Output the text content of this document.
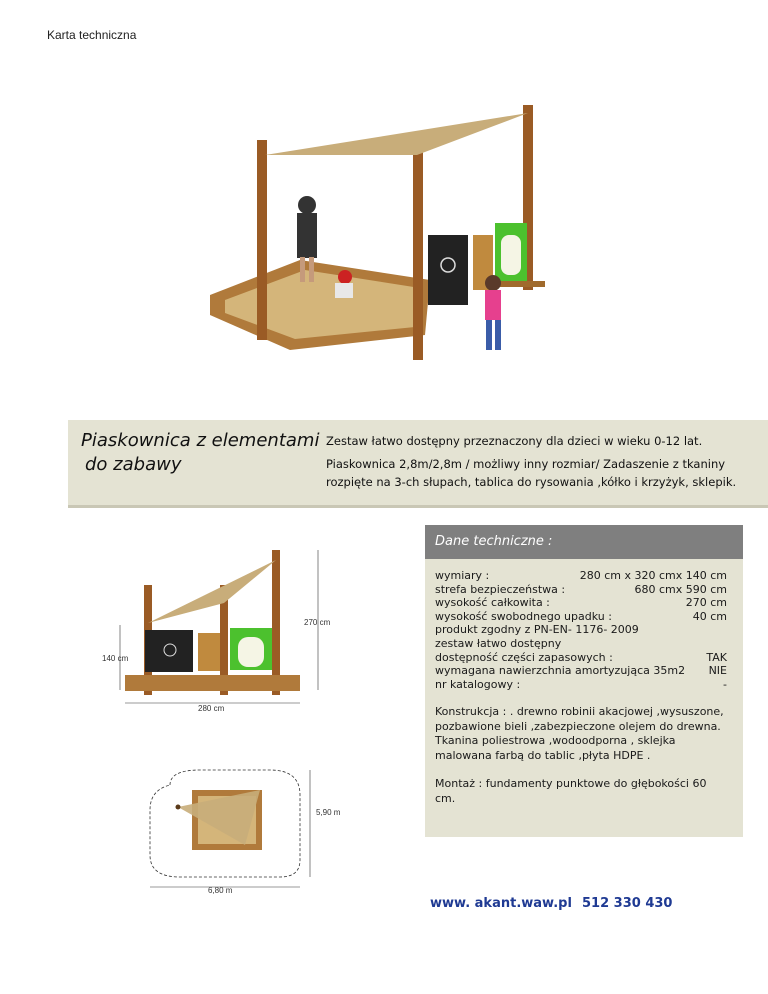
Karta techniczna
Piaskownica z elementami
do zabawy

Zestaw łatwo dostępny przeznaczony dla dzieci w wieku 0-12 lat.

Piaskownica 2,8m/2,8m / możliwy inny rozmiar/ Zadaszenie z tkaniny rozpięte na 3-ch słupach, tablica do rysowania ,kółko i krzyżyk, sklepik.

270 cm
140 cm
280 cm
5,90 m
6,80 m
Dane techniczne :
wymiary :	280 cm x 320 cmx 140 cm
strefa bezpieczeństwa :	680 cmx 590 cm
wysokość całkowita :	270 cm
wysokość swobodnego upadku :	40 cm
produkt zgodny z PN-EN- 1176- 2009
zestaw łatwo dostępny
dostępność części zapasowych :	TAK
wymagana nawierzchnia amortyzująca 35m2 NIE
nr katalogowy :	-
Konstrukcja : . drewno robinii akacjowej ,wysuszone, pozbawione bieli ,zabezpieczone olejem do drewna. Tkanina poliestrowa ,wodoodporna , sklejka malowana farbą do tablic ,płyta HDPE .
Montaż : fundamenty punktowe do głębokości 60 cm.
www. akant.waw.pl 512 330 430
